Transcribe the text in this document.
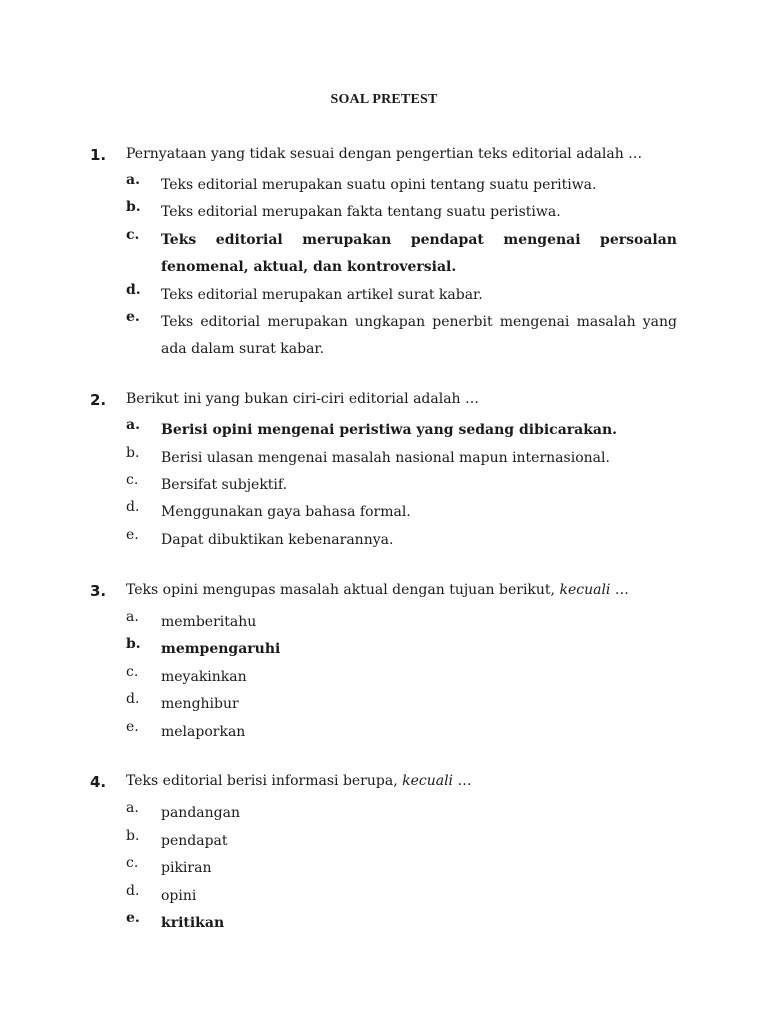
SOAL PRETEST
1. Pernyataan yang tidak sesuai dengan pengertian teks editorial adalah …
a.	Teks editorial merupakan suatu opini tentang suatu peritiwa.
b.	Teks editorial merupakan fakta tentang suatu peristiwa.
c.	Teks editorial merupakan pendapat mengenai persoalan fenomenal, aktual, dan kontroversial.
d.	Teks editorial merupakan artikel surat kabar.
e.	Teks editorial merupakan ungkapan penerbit mengenai masalah yang ada dalam surat kabar.
2. Berikut ini yang bukan ciri-ciri editorial adalah …
a.	Berisi opini mengenai peristiwa yang sedang dibicarakan.
b.	Berisi ulasan mengenai masalah nasional mapun internasional.
c.	Bersifat subjektif.
d.	Menggunakan gaya bahasa formal.
e.	Dapat dibuktikan kebenarannya.
3. Teks opini mengupas masalah aktual dengan tujuan berikut, kecuali …
a.	memberitahu
b.	mempengaruhi
c.	meyakinkan
d.	menghibur
e.	melaporkan
4. Teks editorial berisi informasi berupa, kecuali …
a.	pandangan
b.	pendapat
c.	pikiran
d.	opini
e.	kritikan
